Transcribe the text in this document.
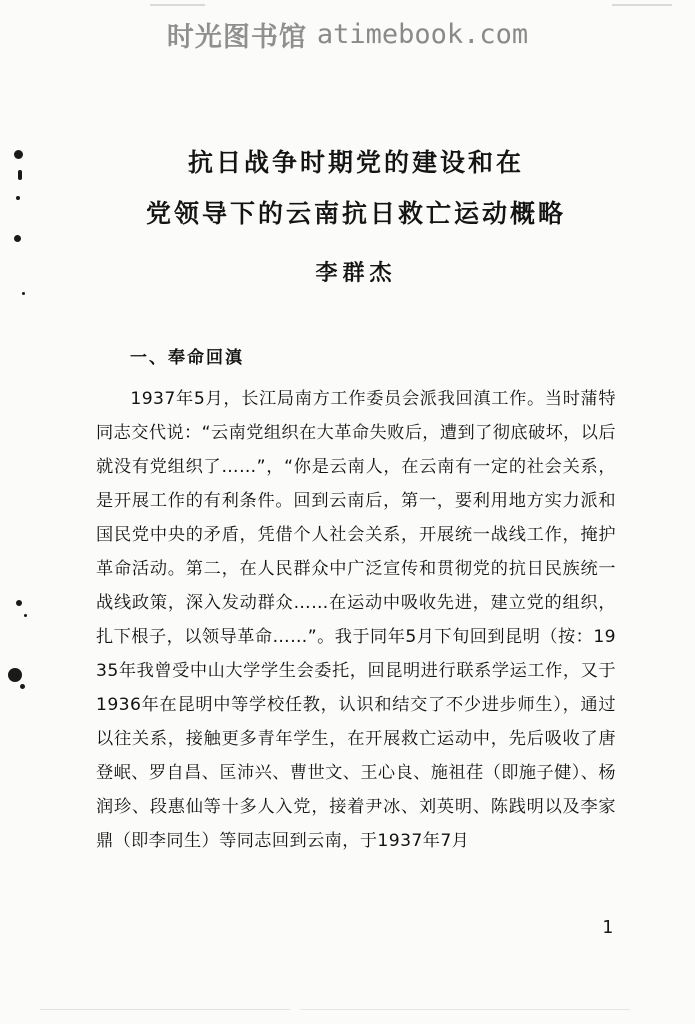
时光图书馆 atimebook.com
抗日战争时期党的建设和在
党领导下的云南抗日救亡运动概略
李群杰
一、奉命回滇

1937年5月，长江局南方工作委员会派我回滇工作。当时蒲特同志交代说：“云南党组织在大革命失败后，遭到了彻底破坏，以后就没有党组织了……”，“你是云南人，在云南有一定的社会关系，是开展工作的有利条件。回到云南后，第一，要利用地方实力派和国民党中央的矛盾，凭借个人社会关系，开展统一战线工作，掩护革命活动。第二，在人民群众中广泛宣传和贯彻党的抗日民族统一战线政策，深入发动群众……在运动中吸收先进，建立党的组织，扎下根子，以领导革命……”。我于同年5月下旬回到昆明（按：1935年我曾受中山大学学生会委托，回昆明进行联系学运工作，又于1936年在昆明中等学校任教，认识和结交了不少进步师生），通过以往关系，接触更多青年学生，在开展救亡运动中，先后吸收了唐登岷、罗自昌、匡沛兴、曹世文、王心良、施祖荏（即施子健）、杨润珍、段惠仙等十多人入党，接着尹冰、刘英明、陈践明以及李家鼎（即李同生）等同志回到云南，于1937年7月

1
